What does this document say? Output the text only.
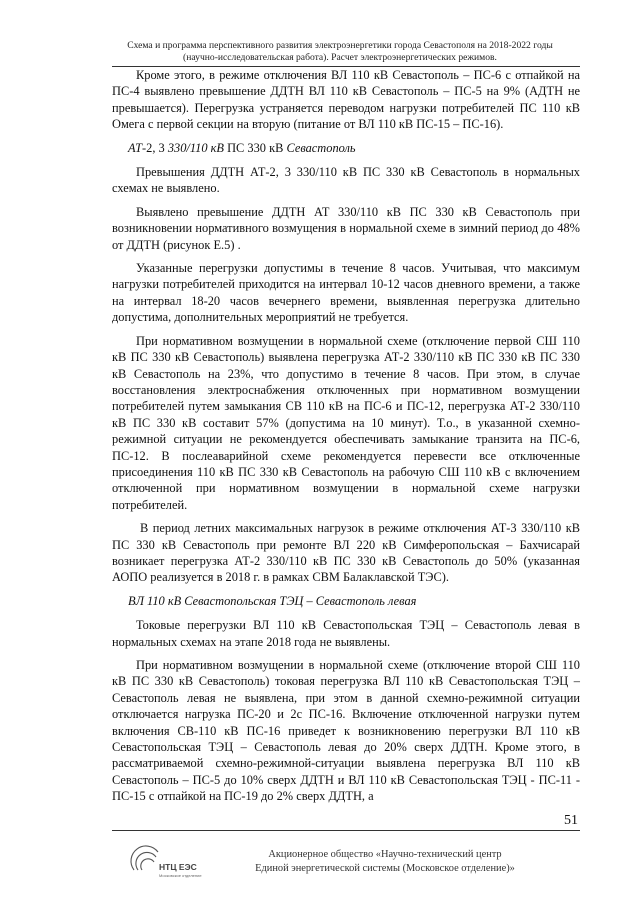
Схема и программа перспективного развития электроэнергетики города Севастополя на 2018-2022 годы
(научно-исследовательская работа). Расчет электроэнергетических режимов.

Кроме этого, в режиме отключения ВЛ 110 кВ Севастополь – ПС-6 с отпайкой на ПС-4 выявлено превышение ДДТН ВЛ 110 кВ Севастополь – ПС-5 на 9% (АДТН не превышается). Перегрузка устраняется переводом нагрузки потребителей ПС 110 кВ Омега с первой секции на вторую (питание от ВЛ 110 кВ ПС-15 – ПС-16).

АТ-2, 3 330/110 кВ ПС 330 кВ Севастополь

Превышения ДДТН АТ-2, 3 330/110 кВ ПС 330 кВ Севастополь в нормальных схемах не выявлено.

Выявлено превышение ДДТН АТ 330/110 кВ ПС 330 кВ Севастополь при возникновении нормативного возмущения в нормальной схеме в зимний период до 48% от ДДТН (рисунок Е.5) .

Указанные перегрузки допустимы в течение 8 часов. Учитывая, что максимум нагрузки потребителей приходится на интервал 10-12 часов дневного времени, а также на интервал 18-20 часов вечернего времени, выявленная перегрузка длительно допустима, дополнительных мероприятий не требуется.

При нормативном возмущении в нормальной схеме (отключение первой СШ 110 кВ ПС 330 кВ Севастополь) выявлена перегрузка АТ-2 330/110 кВ ПС 330 кВ ПС 330 кВ Севастополь на 23%, что допустимо в течение 8 часов. При этом, в случае восстановления электроснабжения отключенных при нормативном возмущении потребителей путем замыкания СВ 110 кВ на ПС-6 и ПС-12, перегрузка АТ-2 330/110 кВ ПС 330 кВ составит 57% (допустима на 10 минут). Т.о., в указанной схемно-режимной ситуации не рекомендуется обеспечивать замыкание транзита на ПС-6, ПС-12. В послеаварийной схеме рекомендуется перевести все отключенные присоединения 110 кВ ПС 330 кВ Севастополь на рабочую СШ 110 кВ с включением отключенной при нормативном возмущении в нормальной схеме нагрузки потребителей.

В период летних максимальных нагрузок в режиме отключения АТ-3 330/110 кВ ПС 330 кВ Севастополь при ремонте ВЛ 220 кВ Симферопольская – Бахчисарай возникает перегрузка АТ-2 330/110 кВ ПС 330 кВ Севастополь до 50% (указанная АОПО реализуется в 2018 г. в рамках СВМ Балаклавской ТЭС).

ВЛ 110 кВ Севастопольская ТЭЦ – Севастополь левая

Токовые перегрузки ВЛ 110 кВ Севастопольская ТЭЦ – Севастополь левая в нормальных схемах на этапе 2018 года не выявлены.

При нормативном возмущении в нормальной схеме (отключение второй СШ 110 кВ ПС 330 кВ Севастополь) токовая перегрузка ВЛ 110 кВ Севастопольская ТЭЦ – Севастополь левая не выявлена, при этом в данной схемно-режимной ситуации отключается нагрузка ПС-20 и 2с ПС-16. Включение отключенной нагрузки путем включения СВ-110 кВ ПС-16 приведет к возникновению перегрузки ВЛ 110 кВ Севастопольская ТЭЦ – Севастополь левая до 20% сверх ДДТН. Кроме этого, в рассматриваемой схемно-режимной-ситуации выявлена перегрузка ВЛ 110 кВ Севастополь – ПС-5 до 10% сверх ДДТН и ВЛ 110 кВ Севастопольская ТЭЦ - ПС-11 - ПС-15 с отпайкой на ПС-19 до 2% сверх ДДТН, а

51
НТЦ ЕЭС
Московское отделение
Акционерное общество «Научно-технический центр
Единой энергетической системы (Московское отделение)»
